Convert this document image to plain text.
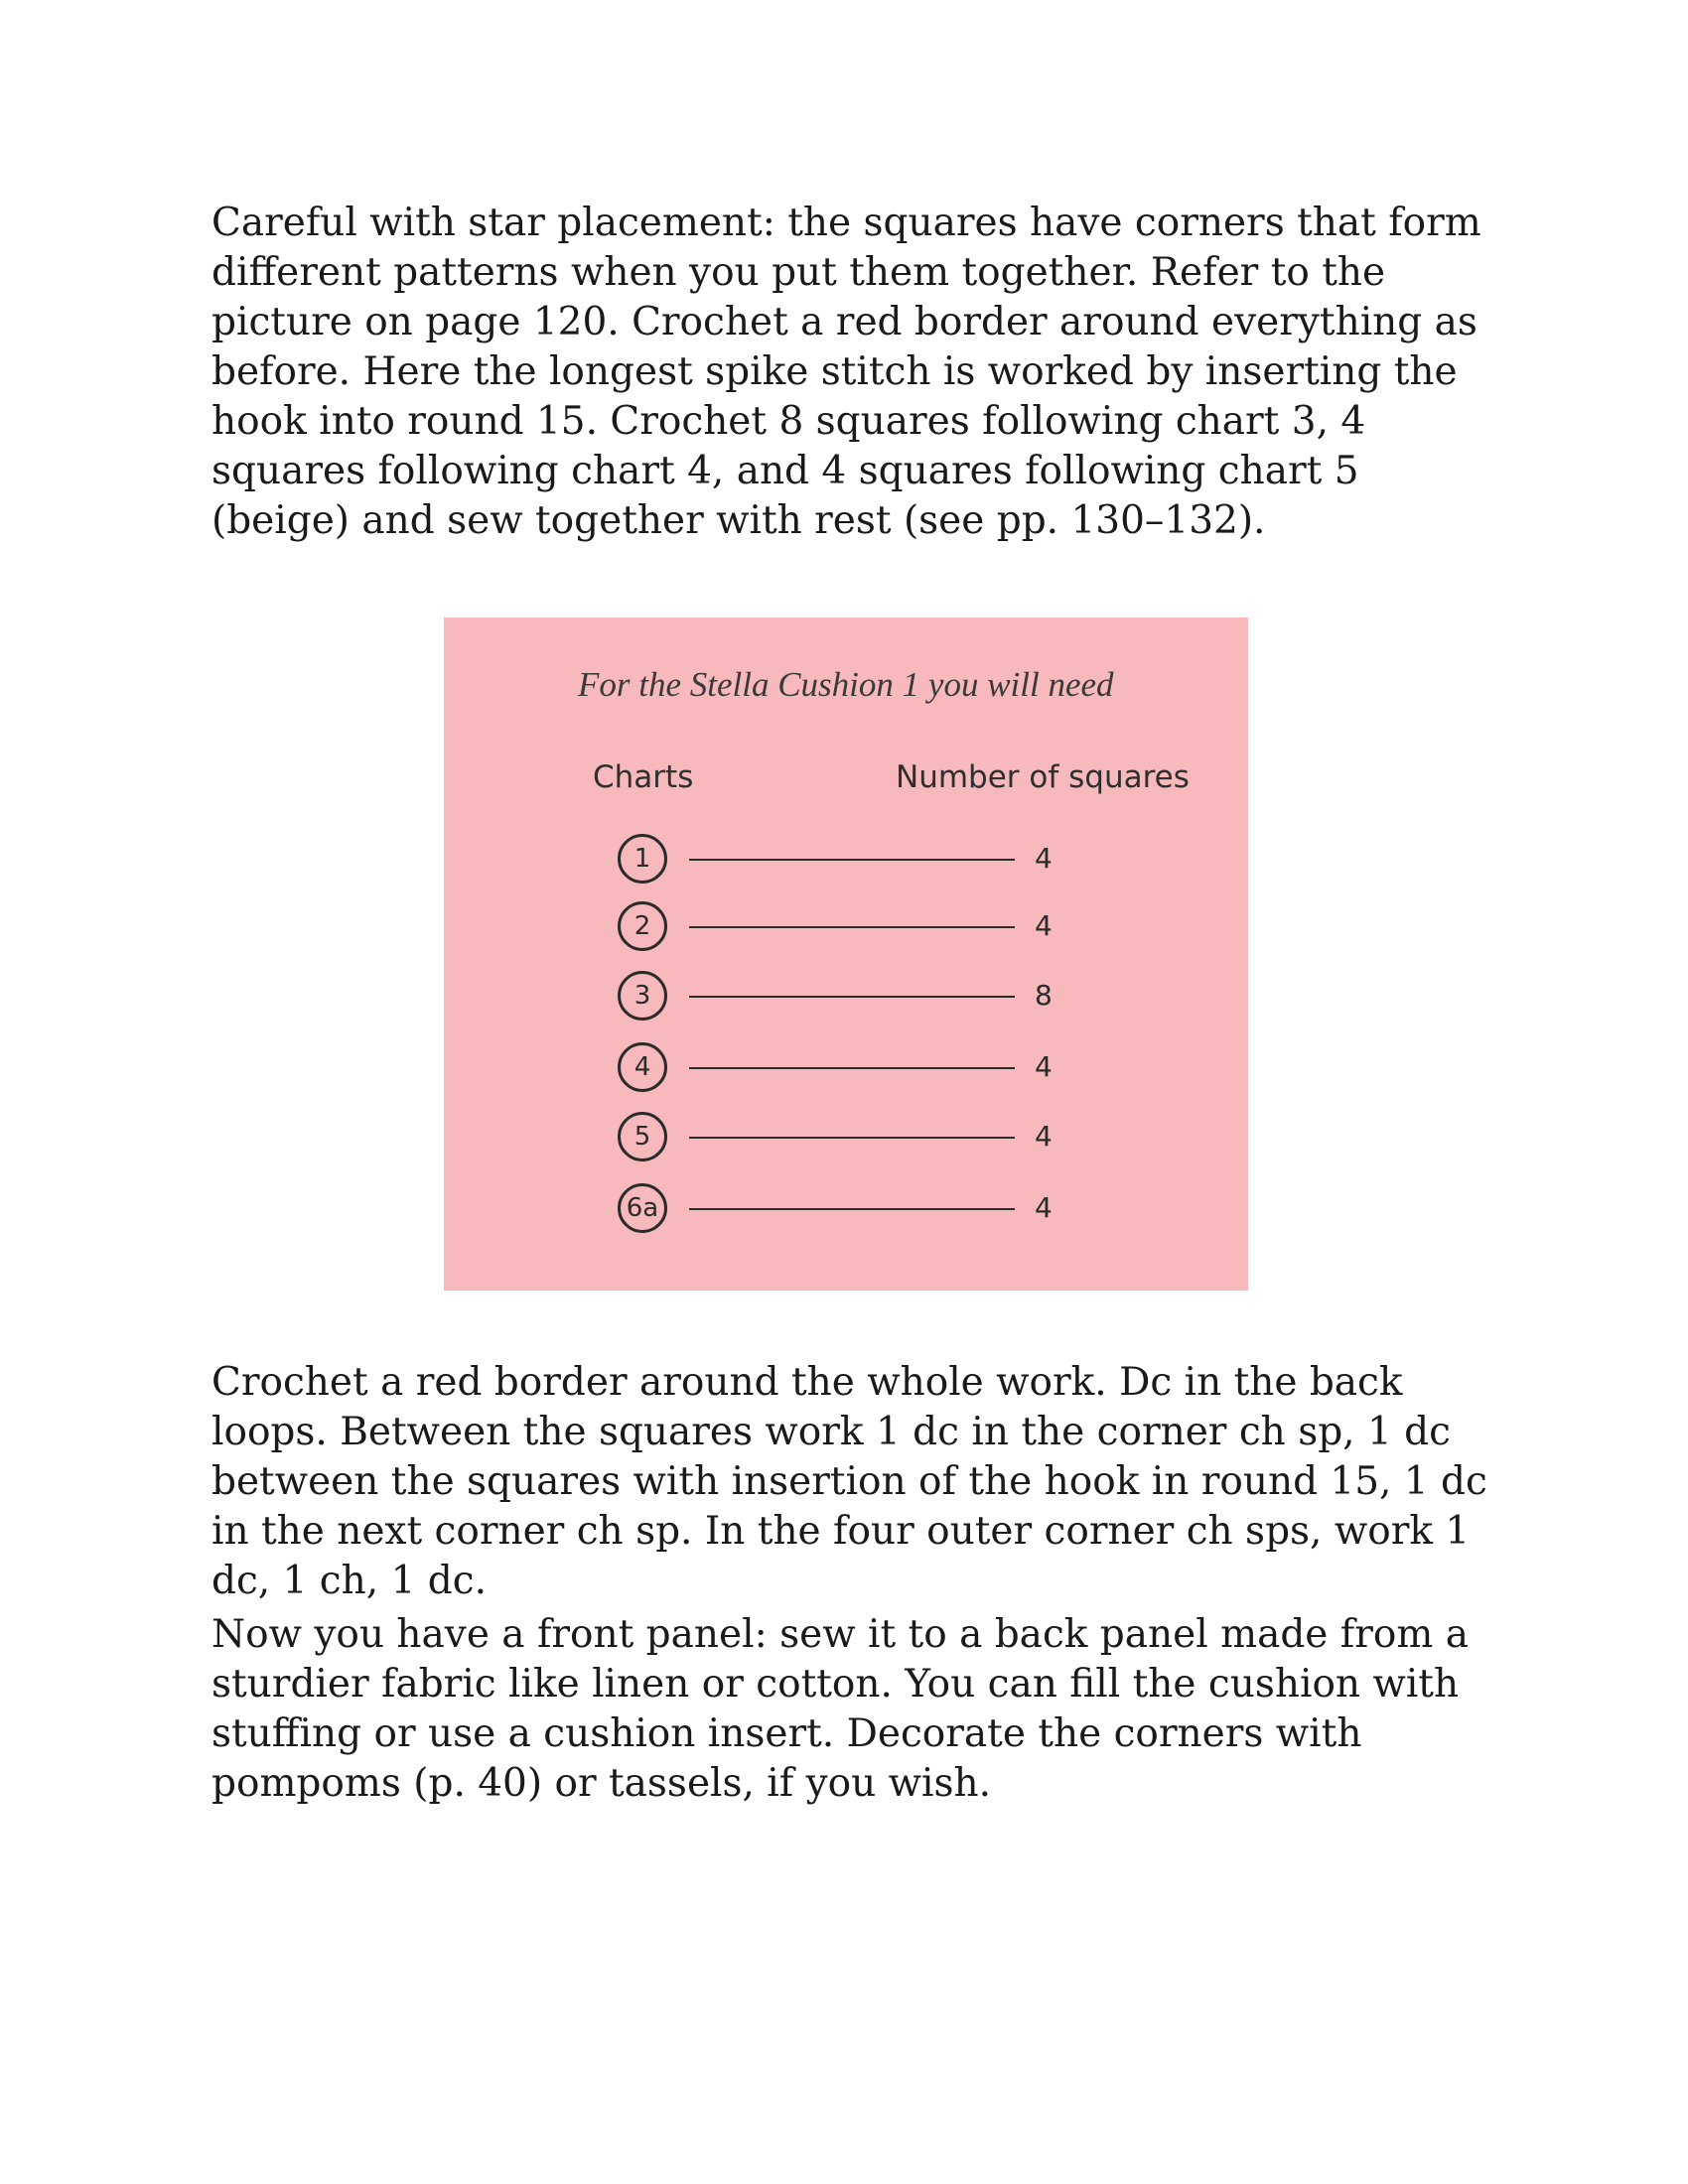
Careful with star placement: the squares have corners that form different patterns when you put them together. Refer to the picture on page 120. Crochet a red border around everything as before. Here the longest spike stitch is worked by inserting the hook into round 15. Crochet 8 squares following chart 3, 4 squares following chart 4, and 4 squares following chart 5 (beige) and sew together with rest (see pp. 130–132).

For the Stella Cushion 1 you will need
Charts	Number of squares
1	4
2	4
3	8
4	4
5	4
6a	4

Crochet a red border around the whole work. Dc in the back loops. Between the squares work 1 dc in the corner ch sp, 1 dc between the squares with insertion of the hook in round 15, 1 dc in the next corner ch sp. In the four outer corner ch sps, work 1 dc, 1 ch, 1 dc.

Now you have a front panel: sew it to a back panel made from a sturdier fabric like linen or cotton. You can fill the cushion with stuffing or use a cushion insert. Decorate the corners with pompoms (p. 40) or tassels, if you wish.
